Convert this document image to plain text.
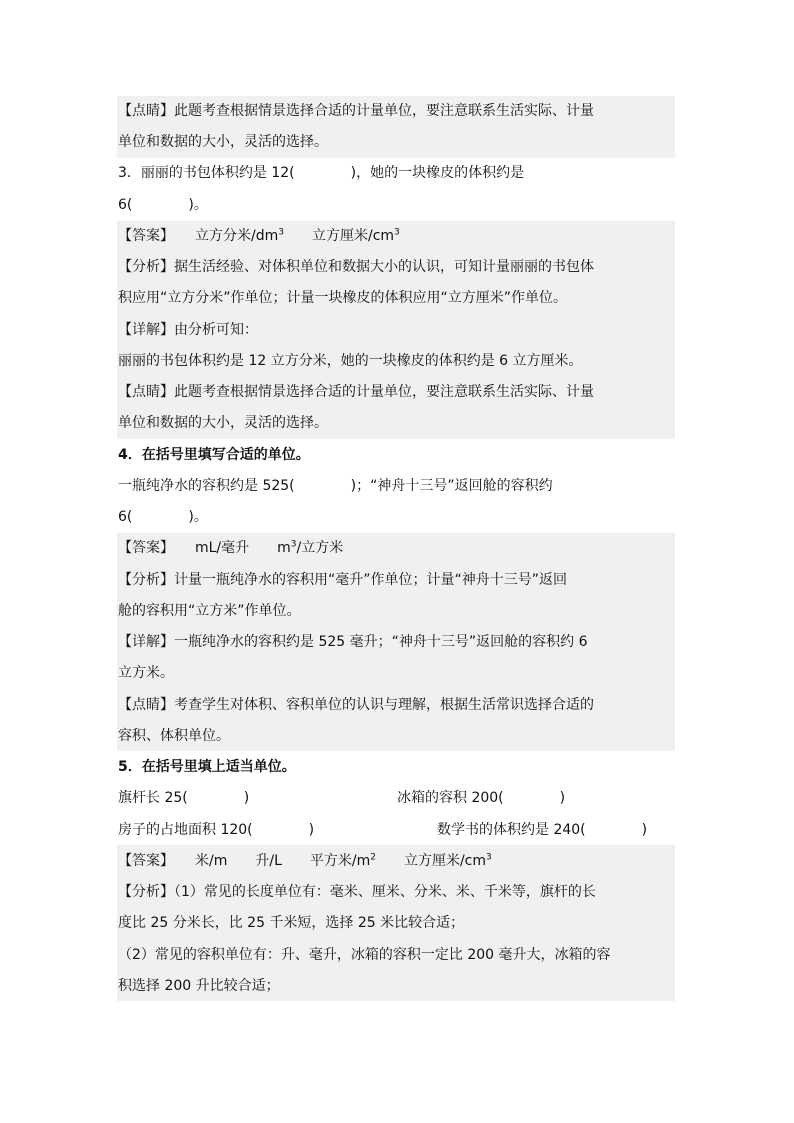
【点睛】此题考查根据情景选择合适的计量单位，要注意联系生活实际、计量
单位和数据的大小，灵活的选择。
3．丽丽的书包体积约是 12(　　　　)，她的一块橡皮的体积约是
6(　　　　)。
【答案】　　立方分米$/dm^3$　　立方厘米$/cm^3$
【分析】据生活经验、对体积单位和数据大小的认识，可知计量丽丽的书包体
积应用“立方分米”作单位；计量一块橡皮的体积应用“立方厘米”作单位。
【详解】由分析可知：
丽丽的书包体积约是 12 立方分米，她的一块橡皮的体积约是 6 立方厘米。
【点睛】此题考查根据情景选择合适的计量单位，要注意联系生活实际、计量
单位和数据的大小，灵活的选择。
4．在括号里填写合适的单位。
一瓶纯净水的容积约是 525(　　　　)；“神舟十三号”返回舱的容积约
6(　　　　)。
【答案】　　mL/毫升　　$m^3/$立方米
【分析】计量一瓶纯净水的容积用“毫升”作单位；计量“神舟十三号”返回
舱的容积用“立方米”作单位。
【详解】一瓶纯净水的容积约是 525 毫升；“神舟十三号”返回舱的容积约 6
立方米。
【点睛】考查学生对体积、容积单位的认识与理解，根据生活常识选择合适的
容积、体积单位。
5．在括号里填上适当单位。
旗杆长 25(　　　　)	冰箱的容积 200(　　　　)
房子的占地面积 120(　　　　)	数学书的体积约是 240(　　　　)
【答案】　　米/m　　升/L　　平方米$/m^2$　　立方厘米$/cm^3$
【分析】（1）常见的长度单位有：毫米、厘米、分米、米、千米等，旗杆的长
度比 25 分米长，比 25 千米短，选择 25 米比较合适；
（2）常见的容积单位有：升、毫升，冰箱的容积一定比 200 毫升大，冰箱的容
积选择 200 升比较合适；
